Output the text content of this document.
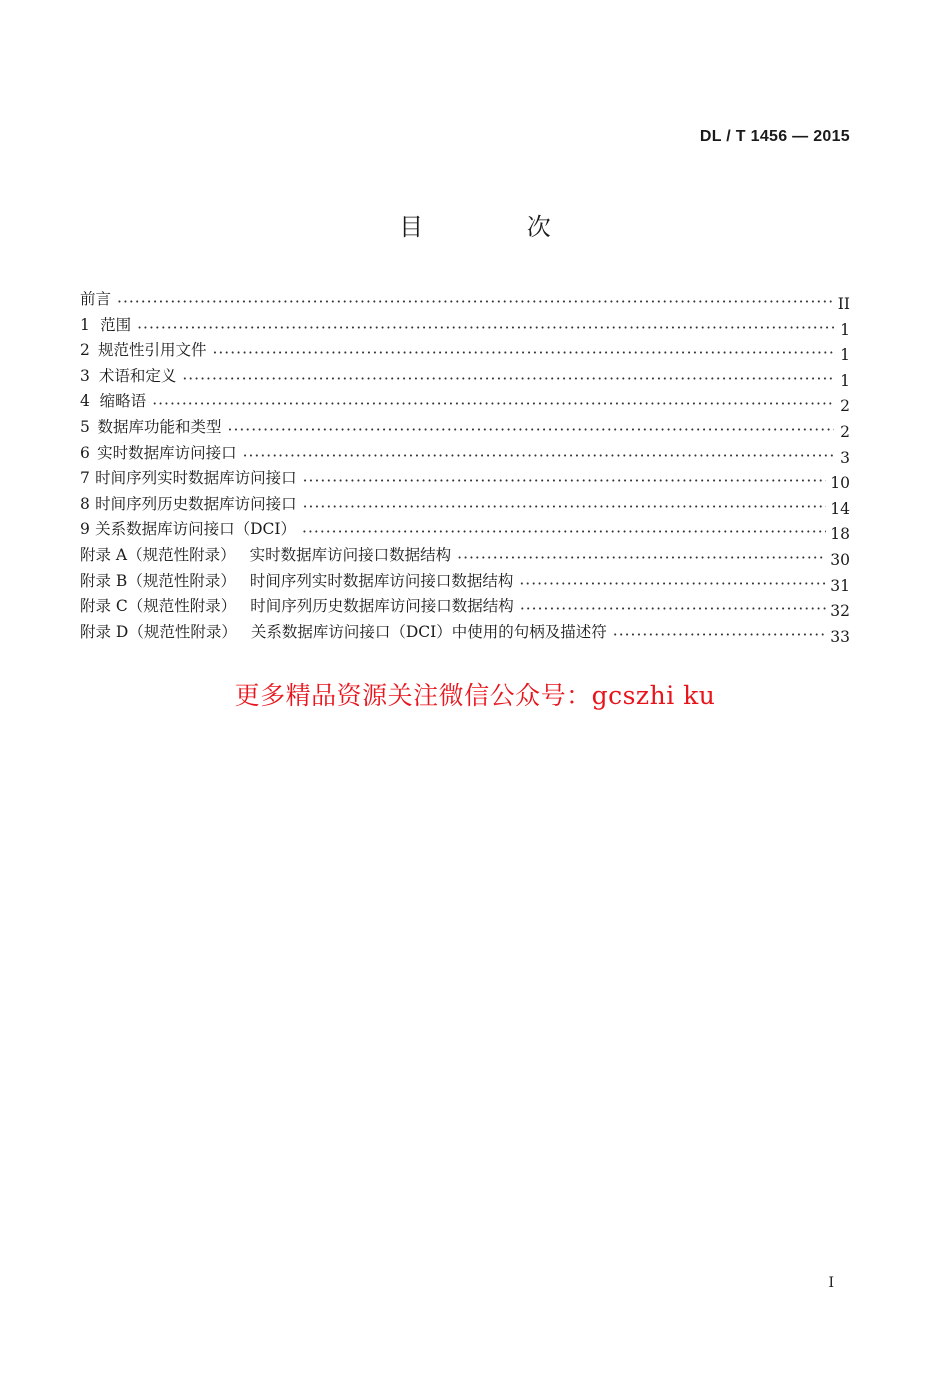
DL / T 1456 — 2015
目 次
前言 ·····	II
1 范围 ·····	1
2 规范性引用文件 ·····	1
3 术语和定义 ·····	1
4 缩略语 ·····	2
5 数据库功能和类型 ·····	2
6 实时数据库访问接口 ·····	3
7 时间序列实时数据库访问接口 ·····	10
8 时间序列历史数据库访问接口 ·····	14
9 关系数据库访问接口（DCI） ·····	18
附录 A（规范性附录） 实时数据库访问接口数据结构 ·····	30
附录 B（规范性附录） 时间序列实时数据库访问接口数据结构 ·····	31
附录 C（规范性附录） 时间序列历史数据库访问接口数据结构 ·····	32
附录 D（规范性附录） 关系数据库访问接口（DCI）中使用的句柄及描述符 ·····	33
更多精品资源关注微信公众号：gcszhi ku
I
